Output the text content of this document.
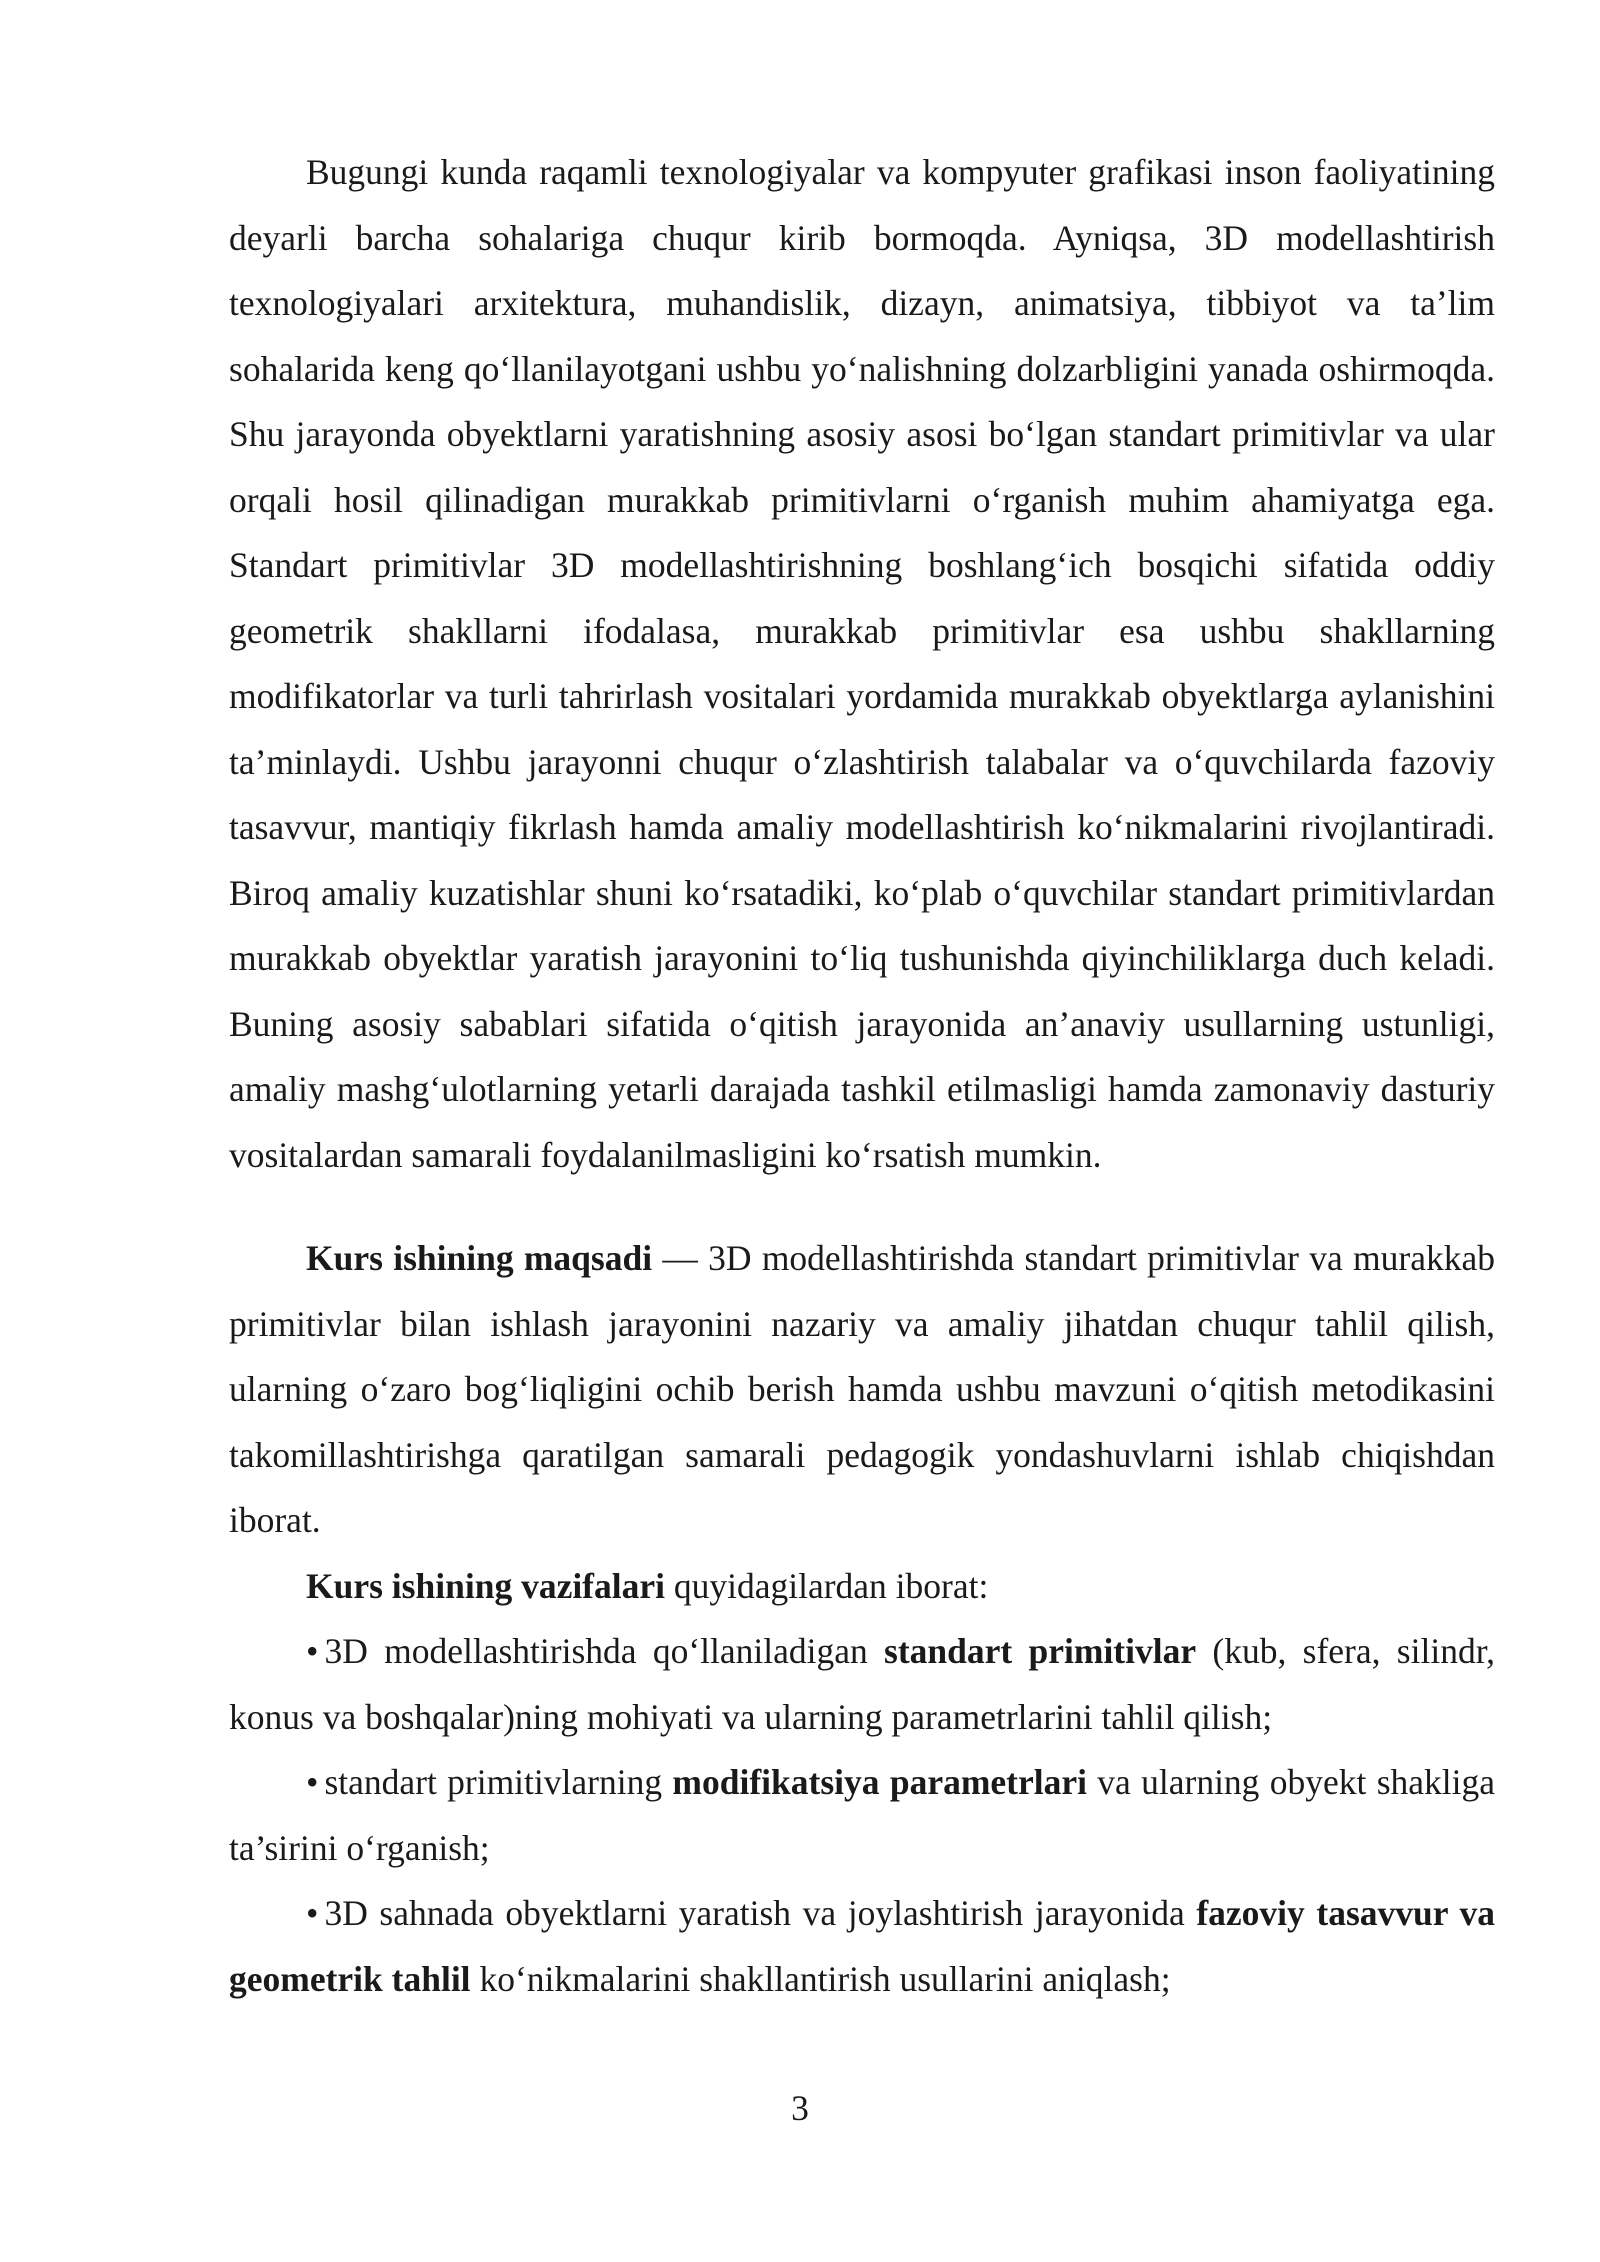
Bugungi kunda raqamli texnologiyalar va kompyuter grafikasi inson faoliyatining deyarli barcha sohalariga chuqur kirib bormoqda. Ayniqsa, 3D modellashtirish texnologiyalari arxitektura, muhandislik, dizayn, animatsiya, tibbiyot va ta’lim sohalarida keng qo‘llanilayotgani ushbu yo‘nalishning dolzarbligini yanada oshirmoqda. Shu jarayonda obyektlarni yaratishning asosiy asosi bo‘lgan standart primitivlar va ular orqali hosil qilinadigan murakkab primitivlarni o‘rganish muhim ahamiyatga ega. Standart primitivlar 3D modellashtirishning boshlang‘ich bosqichi sifatida oddiy geometrik shakllarni ifodalasa, murakkab primitivlar esa ushbu shakllarning modifikatorlar va turli tahrirlash vositalari yordamida murakkab obyektlarga aylanishini ta’minlaydi. Ushbu jarayonni chuqur o‘zlashtirish talabalar va o‘quvchilarda fazoviy tasavvur, mantiqiy fikrlash hamda amaliy modellashtirish ko‘nikmalarini rivojlantiradi. Biroq amaliy kuzatishlar shuni ko‘rsatadiki, ko‘plab o‘quvchilar standart primitivlardan murakkab obyektlar yaratish jarayonini to‘liq tushunishda qiyinchiliklarga duch keladi. Buning asosiy sabablari sifatida o‘qitish jarayonida an’anaviy usullarning ustunligi, amaliy mashg‘ulotlarning yetarli darajada tashkil etilmasligi hamda zamonaviy dasturiy vositalardan samarali foydalanilmasligini ko‘rsatish mumkin.

Kurs ishining maqsadi — 3D modellashtirishda standart primitivlar va murakkab primitivlar bilan ishlash jarayonini nazariy va amaliy jihatdan chuqur tahlil qilish, ularning o‘zaro bog‘liqligini ochib berish hamda ushbu mavzuni o‘qitish metodikasini takomillashtirishga qaratilgan samarali pedagogik yondashuvlarni ishlab chiqishdan iborat.

Kurs ishining vazifalari quyidagilardan iborat:

• 3D modellashtirishda qo‘llaniladigan standart primitivlar (kub, sfera, silindr, konus va boshqalar)ning mohiyati va ularning parametrlarini tahlil qilish;

• standart primitivlarning modifikatsiya parametrlari va ularning obyekt shakliga ta’sirini o‘rganish;

• 3D sahnada obyektlarni yaratish va joylashtirish jarayonida fazoviy tasavvur va geometrik tahlil ko‘nikmalarini shakllantirish usullarini aniqlash;

3
